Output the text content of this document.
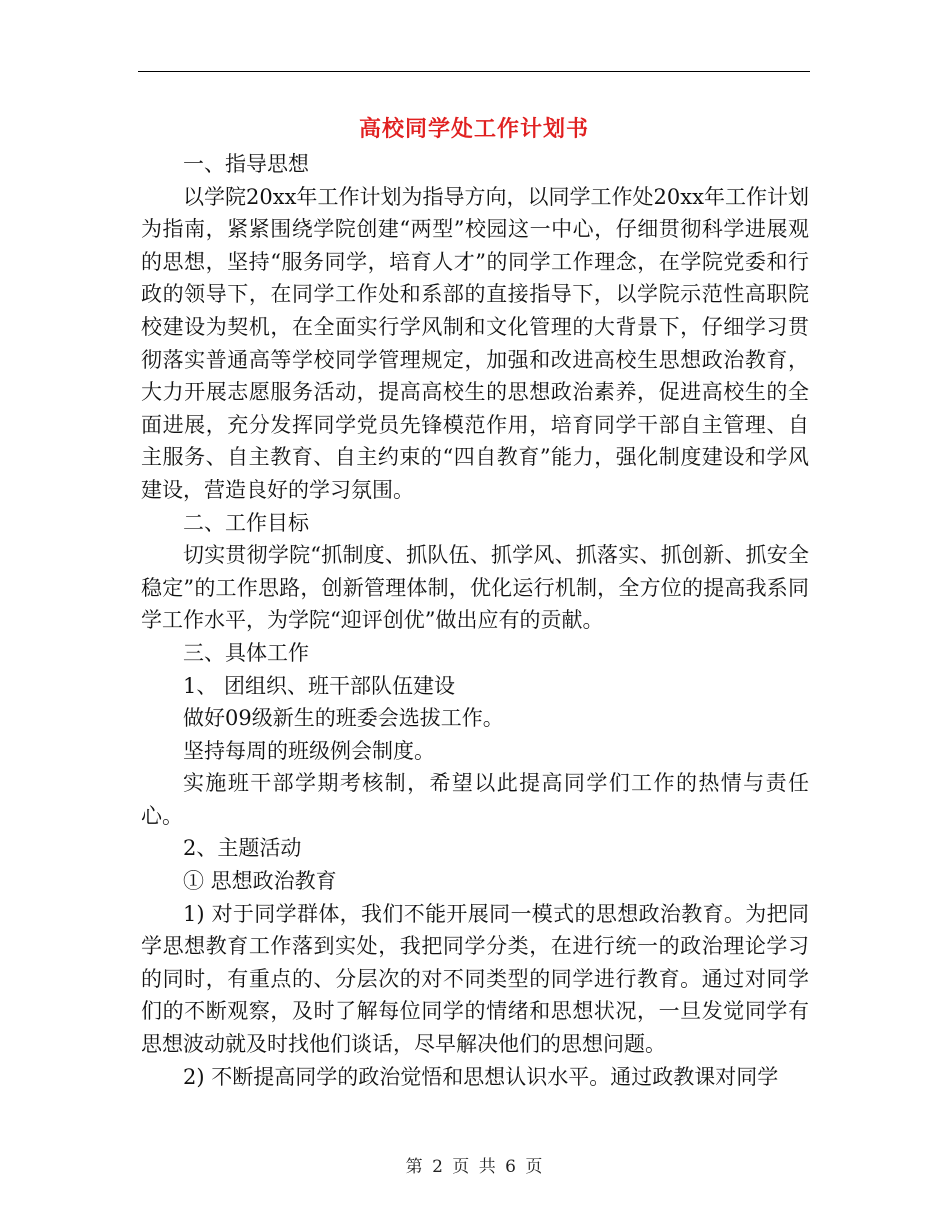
高校同学处工作计划书

一、指导思想

以学院20xx年工作计划为指导方向，以同学工作处20xx年工作计划为指南，紧紧围绕学院创建“两型”校园这一中心，仔细贯彻科学进展观的思想，坚持“服务同学，培育人才”的同学工作理念，在学院党委和行政的领导下，在同学工作处和系部的直接指导下，以学院示范性高职院校建设为契机，在全面实行学风制和文化管理的大背景下，仔细学习贯彻落实普通高等学校同学管理规定，加强和改进高校生思想政治教育，大力开展志愿服务活动，提高高校生的思想政治素养，促进高校生的全面进展，充分发挥同学党员先锋模范作用，培育同学干部自主管理、自主服务、自主教育、自主约束的“四自教育”能力，强化制度建设和学风建设，营造良好的学习氛围。

二、工作目标

切实贯彻学院“抓制度、抓队伍、抓学风、抓落实、抓创新、抓安全稳定”的工作思路，创新管理体制，优化运行机制，全方位的提高我系同学工作水平，为学院“迎评创优”做出应有的贡献。

三、具体工作

1、 团组织、班干部队伍建设

做好09级新生的班委会选拔工作。

坚持每周的班级例会制度。

实施班干部学期考核制，希望以此提高同学们工作的热情与责任心。

2、主题活动

① 思想政治教育

1) 对于同学群体，我们不能开展同一模式的思想政治教育。为把同学思想教育工作落到实处，我把同学分类，在进行统一的政治理论学习的同时，有重点的、分层次的对不同类型的同学进行教育。通过对同学们的不断观察，及时了解每位同学的情绪和思想状况，一旦发觉同学有思想波动就及时找他们谈话，尽早解决他们的思想问题。

2) 不断提高同学的政治觉悟和思想认识水平。通过政教课对同学

第 2 页 共 6 页
